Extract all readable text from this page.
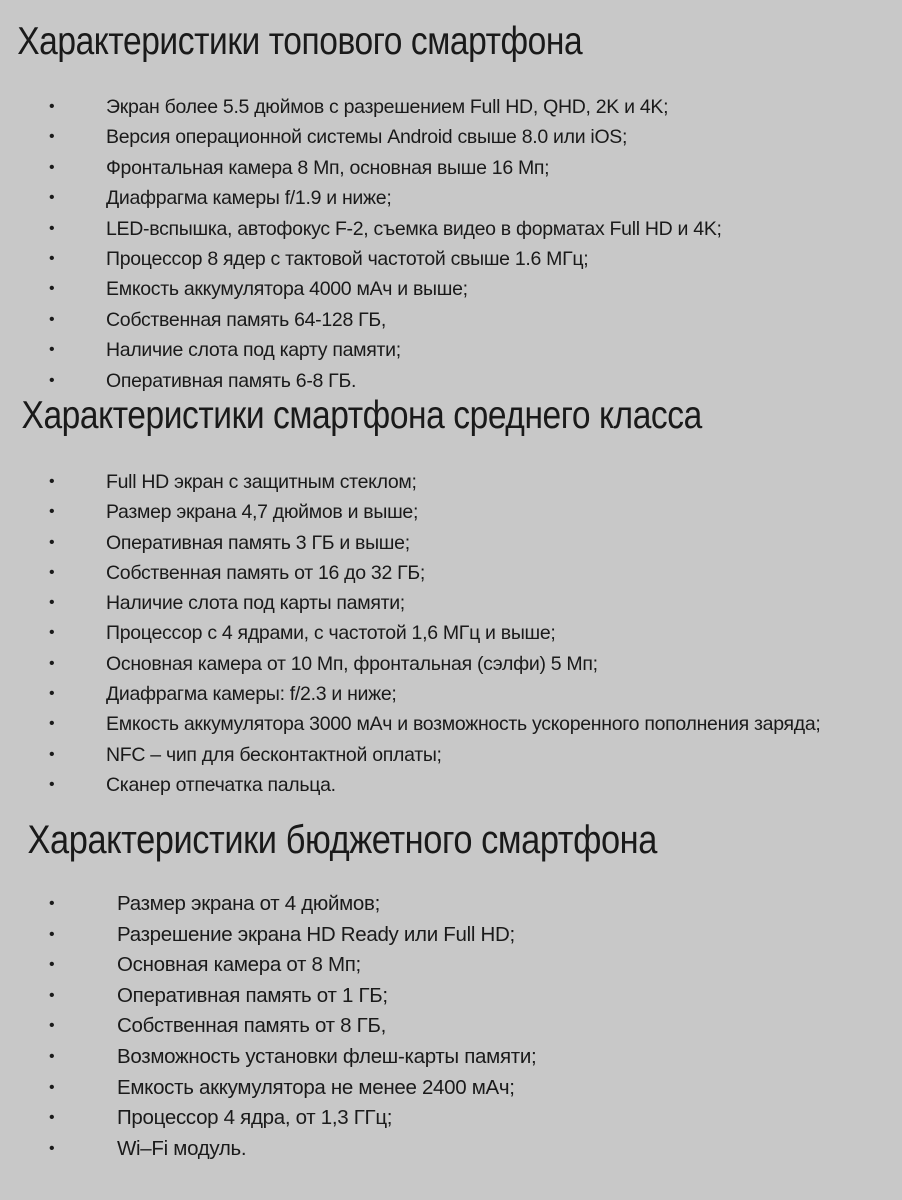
Характеристики топового смартфона
•	Экран более 5.5 дюймов с разрешением Full HD, QHD, 2K и 4K;
•	Версия операционной системы Android свыше 8.0 или iOS;
•	Фронтальная камера 8 Мп, основная выше 16 Мп;
•	Диафрагма камеры f/1.9 и ниже;
•	LED-вспышка, автофокус F-2, съемка видео в форматах Full HD и 4K;
•	Процессор 8 ядер с тактовой частотой свыше 1.6 МГц;
•	Емкость аккумулятора 4000 мАч и выше;
•	Собственная память 64-128 ГБ,
•	Наличие слота под карту памяти;
•	Оперативная память 6-8 ГБ.
Характеристики смартфона среднего класса
•	Full HD экран с защитным стеклом;
•	Размер экрана 4,7 дюймов и выше;
•	Оперативная память 3 ГБ и выше;
•	Собственная память от 16 до 32 ГБ;
•	Наличие слота под карты памяти;
•	Процессор с 4 ядрами, с частотой 1,6 МГц и выше;
•	Основная камера от 10 Мп, фронтальная (сэлфи) 5 Мп;
•	Диафрагма камеры: f/2.3 и ниже;
•	Емкость аккумулятора 3000 мАч и возможность ускоренного пополнения заряда;
•	NFC – чип для бесконтактной оплаты;
•	Сканер отпечатка пальца.
Характеристики бюджетного смартфона
•	Размер экрана от 4 дюймов;
•	Разрешение экрана HD Ready или Full HD;
•	Основная камера от 8 Мп;
•	Оперативная память от 1 ГБ;
•	Собственная память от 8 ГБ,
•	Возможность установки флеш-карты памяти;
•	Емкость аккумулятора не менее 2400 мАч;
•	Процессор 4 ядра, от 1,3 ГГц;
•	Wi–Fi модуль.
